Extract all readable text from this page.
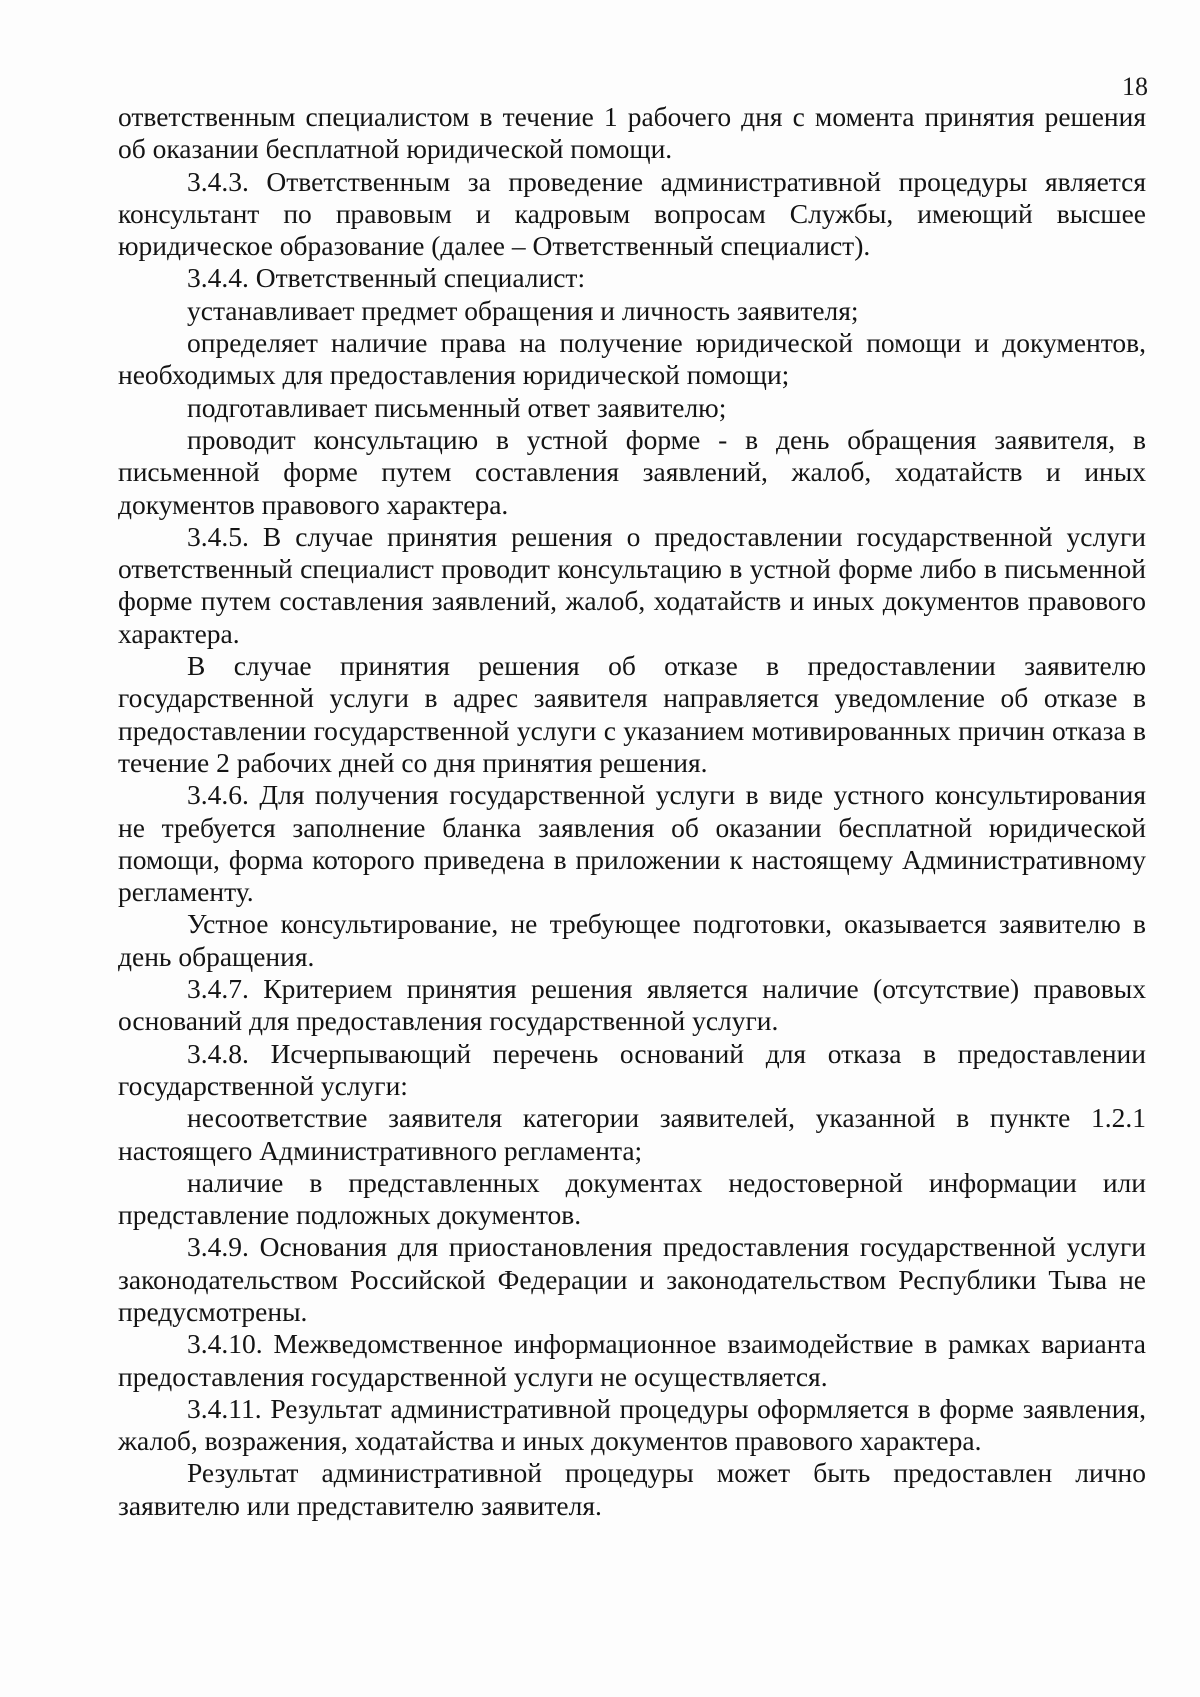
18

ответственным специалистом в течение 1 рабочего дня с момента принятия решения об оказании бесплатной юридической помощи.

3.4.3. Ответственным за проведение административной процедуры является консультант по правовым и кадровым вопросам Службы, имеющий высшее юридическое образование (далее – Ответственный специалист).

3.4.4. Ответственный специалист:

устанавливает предмет обращения и личность заявителя;

определяет наличие права на получение юридической помощи и документов, необходимых для предоставления юридической помощи;

подготавливает письменный ответ заявителю;

проводит консультацию в устной форме - в день обращения заявителя, в письменной форме путем составления заявлений, жалоб, ходатайств и иных документов правового характера.

3.4.5. В случае принятия решения о предоставлении государственной услуги ответственный специалист проводит консультацию в устной форме либо в письменной форме путем составления заявлений, жалоб, ходатайств и иных документов правового характера.

В случае принятия решения об отказе в предоставлении заявителю государственной услуги в адрес заявителя направляется уведомление об отказе в предоставлении государственной услуги с указанием мотивированных причин отказа в течение 2 рабочих дней со дня принятия решения.

3.4.6. Для получения государственной услуги в виде устного консультирования не требуется заполнение бланка заявления об оказании бесплатной юридической помощи, форма которого приведена в приложении к настоящему Административному регламенту.

Устное консультирование, не требующее подготовки, оказывается заявителю в день обращения.

3.4.7. Критерием принятия решения является наличие (отсутствие) правовых оснований для предоставления государственной услуги.

3.4.8. Исчерпывающий перечень оснований для отказа в предоставлении государственной услуги:

несоответствие заявителя категории заявителей, указанной в пункте 1.2.1 настоящего Административного регламента;

наличие в представленных документах недостоверной информации или представление подложных документов.

3.4.9. Основания для приостановления предоставления государственной услуги законодательством Российской Федерации и законодательством Республики Тыва не предусмотрены.

3.4.10. Межведомственное информационное взаимодействие в рамках варианта предоставления государственной услуги не осуществляется.

3.4.11. Результат административной процедуры оформляется в форме заявления, жалоб, возражения, ходатайства и иных документов правового характера.

Результат административной процедуры может быть предоставлен лично заявителю или представителю заявителя.
